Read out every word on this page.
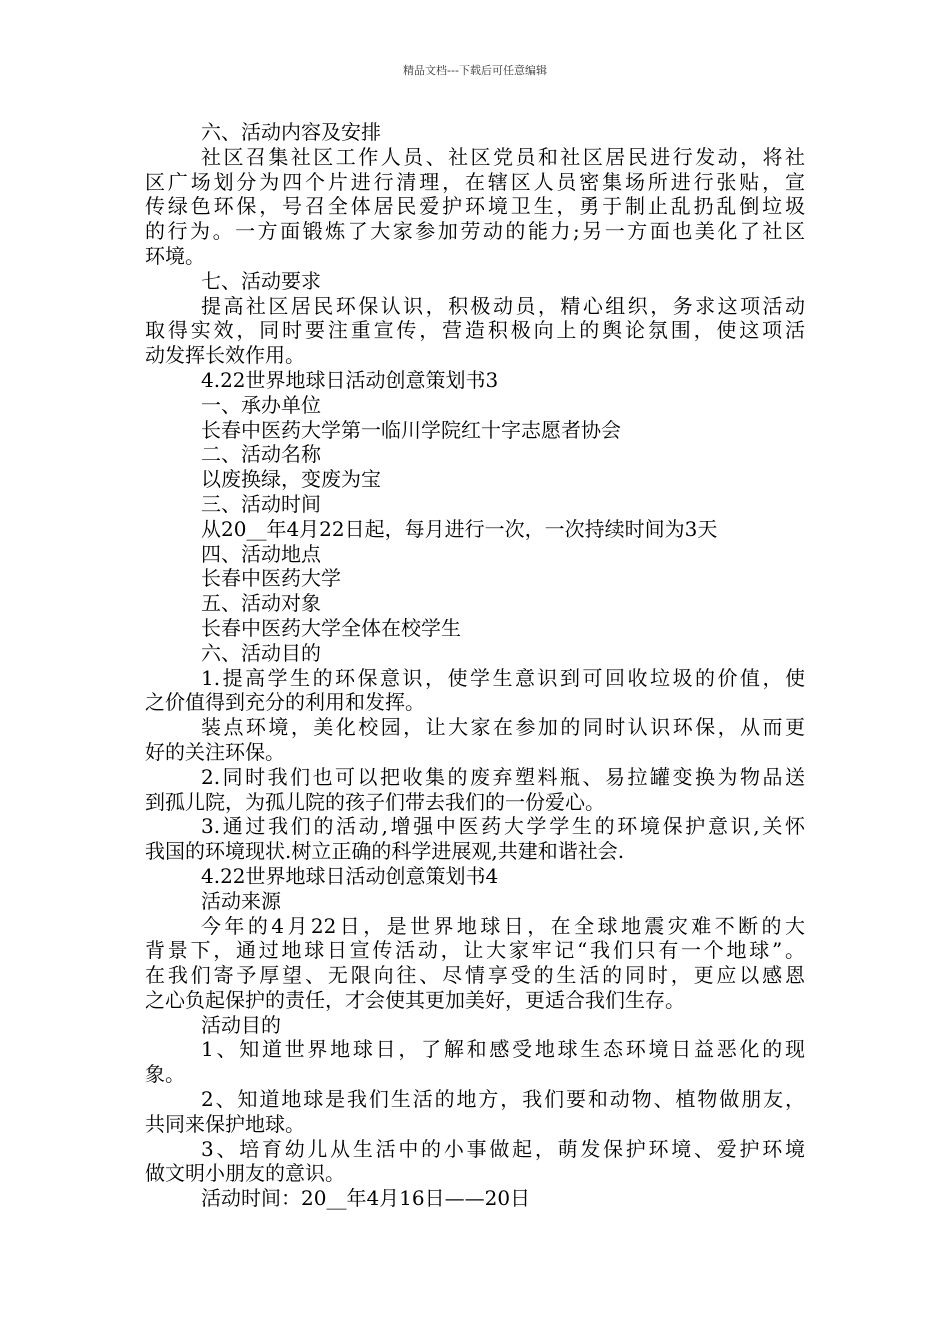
精品文档---下载后可任意编辑
六、活动内容及安排
社区召集社区工作人员、社区党员和社区居民进行发动，将社
区广场划分为四个片进行清理，在辖区人员密集场所进行张贴，宣
传绿色环保，号召全体居民爱护环境卫生，勇于制止乱扔乱倒垃圾
的行为。一方面锻炼了大家参加劳动的能力;另一方面也美化了社区
环境。
七、活动要求
提高社区居民环保认识，积极动员，精心组织，务求这项活动
取得实效，同时要注重宣传，营造积极向上的舆论氛围，使这项活
动发挥长效作用。
4.22世界地球日活动创意策划书3
一、承办单位
长春中医药大学第一临川学院红十字志愿者协会
二、活动名称
以废换绿，变废为宝
三、活动时间
从20__年4月22日起，每月进行一次，一次持续时间为3天
四、活动地点
长春中医药大学
五、活动对象
长春中医药大学全体在校学生
六、活动目的
1.提高学生的环保意识，使学生意识到可回收垃圾的价值，使
之价值得到充分的利用和发挥。
装点环境，美化校园，让大家在参加的同时认识环保，从而更
好的关注环保。
2.同时我们也可以把收集的废弃塑料瓶、易拉罐变换为物品送
到孤儿院，为孤儿院的孩子们带去我们的一份爱心。
3.通过我们的活动,增强中医药大学学生的环境保护意识,关怀
我国的环境现状.树立正确的科学进展观,共建和谐社会.
4.22世界地球日活动创意策划书4
活动来源
今年的4月22日，是世界地球日，在全球地震灾难不断的大
背景下，通过地球日宣传活动，让大家牢记“我们只有一个地球”。
在我们寄予厚望、无限向往、尽情享受的生活的同时，更应以感恩
之心负起保护的责任，才会使其更加美好，更适合我们生存。
活动目的
1、知道世界地球日，了解和感受地球生态环境日益恶化的现
象。
2、知道地球是我们生活的地方，我们要和动物、植物做朋友，
共同来保护地球。
3、培育幼儿从生活中的小事做起，萌发保护环境、爱护环境
做文明小朋友的意识。
活动时间：20__年4月16日——20日
